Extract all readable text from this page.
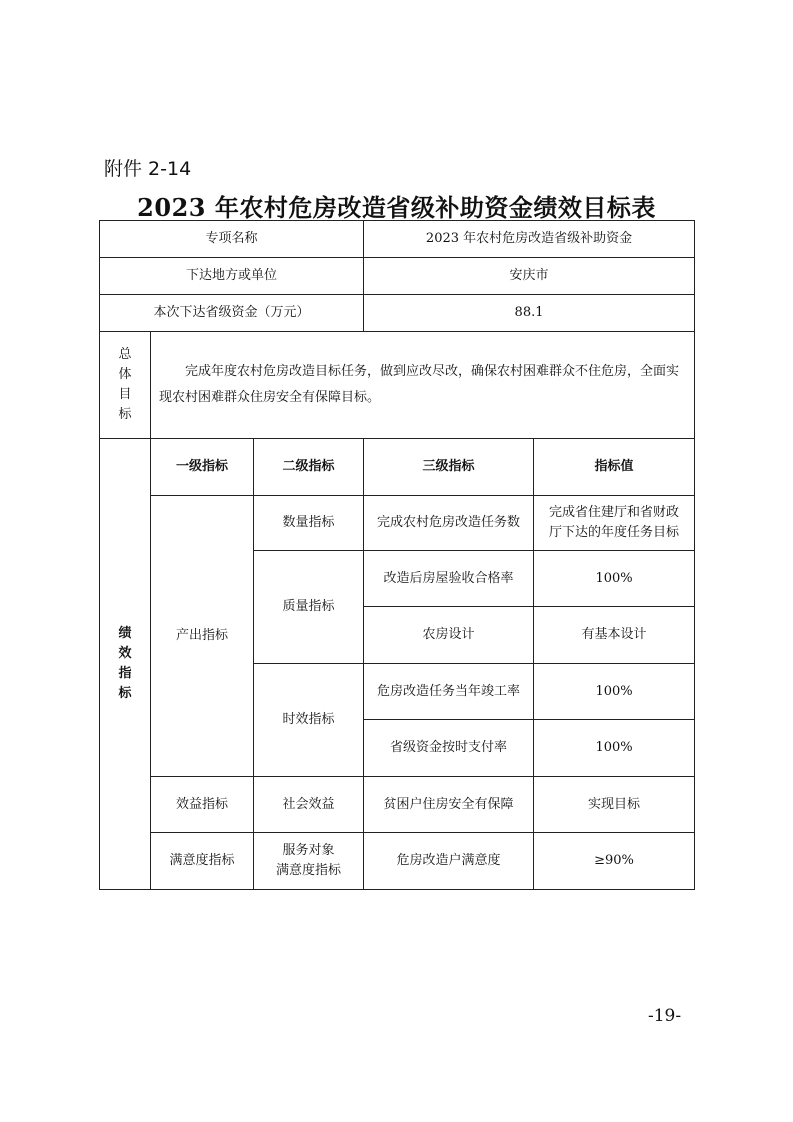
附件 2-14
2023 年农村危房改造省级补助资金绩效目标表
专项名称			2023 年农村危房改造省级补助资金	
下达地方或单位			安庆市	
本次下达省级资金（万元）			88.1	

总
体
目
标	完成年度农村危房改造目标任务，做到应改尽改，确保农村困难群众不住危房，全面实现农村困难群众住房安全有保障目标。			

绩
效
指
标	一级指标	二级指标	三级指标	指标值
	产出指标	数量指标	完成农村危房改造任务数	完成省住建厅和省财政
厅下达的年度任务目标

		质量指标	改造后房屋验收合格率	100%
			农房设计	有基本设计
		时效指标	危房改造任务当年竣工率	100%
			省级资金按时支付率	100%
	效益指标	社会效益	贫困户住房安全有保障	实现目标
	满意度指标	服务对象
满意度指标	危房改造户满意度	≥90%
-19-
